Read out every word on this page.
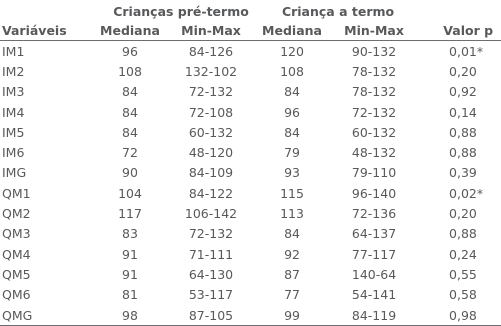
	Crianças pré-termo		Criança a termo		
Variáveis	Mediana	Min-Max	Mediana	Min-Max	Valor p
IM1	96	84-126	120	90-132	0,01*
IM2	108	132-102	108	78-132	0,20
IM3	84	72-132	84	78-132	0,92
IM4	84	72-108	96	72-132	0,14
IM5	84	60-132	84	60-132	0,88
IM6	72	48-120	79	48-132	0,88
IMG	90	84-109	93	79-110	0,39
QM1	104	84-122	115	96-140	0,02*
QM2	117	106-142	113	72-136	0,20
QM3	83	72-132	84	64-137	0,88
QM4	91	71-111	92	77-117	0,24
QM5	91	64-130	87	140-64	0,55
QM6	81	53-117	77	54-141	0,58
QMG	98	87-105	99	84-119	0,98
